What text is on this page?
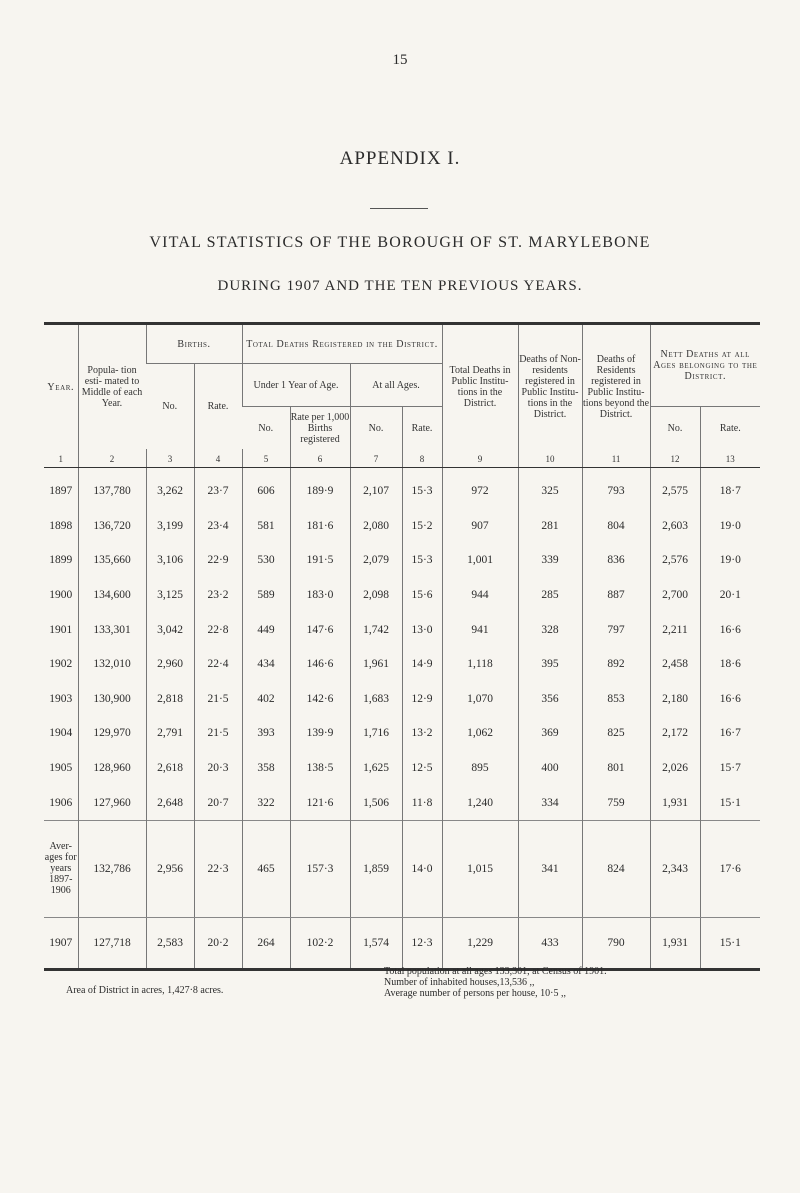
15
APPENDIX I.
VITAL STATISTICS OF THE BOROUGH OF ST. MARYLEBONE
DURING 1907 AND THE TEN PREVIOUS YEARS.
Year.	Popula- tion esti- mated to Middle of each Year.	Births.		Total Deaths Registered in the District.				Total Deaths in Public Institu- tions in the District.	Deaths of Non- residents registered in Public Institu- tions in the District.	Deaths of Residents registered in Public Institu- tions beyond the District.	Nett Deaths at all Ages belonging to the District.	
		No.	Rate.	Under 1 Year of Age.		At all Ages.						
				No.	Rate per 1,000 Births registered	No.	Rate.				No.	Rate.
1	2	3	4	5	6	7	8	9	10	11	12	13
1897	137,780	3,262	23·7	606	189·9	2,107	15·3	972	325	793	2,575	18·7
1898	136,720	3,199	23·4	581	181·6	2,080	15·2	907	281	804	2,603	19·0
1899	135,660	3,106	22·9	530	191·5	2,079	15·3	1,001	339	836	2,576	19·0
1900	134,600	3,125	23·2	589	183·0	2,098	15·6	944	285	887	2,700	20·1
1901	133,301	3,042	22·8	449	147·6	1,742	13·0	941	328	797	2,211	16·6
1902	132,010	2,960	22·4	434	146·6	1,961	14·9	1,118	395	892	2,458	18·6
1903	130,900	2,818	21·5	402	142·6	1,683	12·9	1,070	356	853	2,180	16·6
1904	129,970	2,791	21·5	393	139·9	1,716	13·2	1,062	369	825	2,172	16·7
1905	128,960	2,618	20·3	358	138·5	1,625	12·5	895	400	801	2,026	15·7
1906	127,960	2,648	20·7	322	121·6	1,506	11·8	1,240	334	759	1,931	15·1
Aver- ages for years 1897- 1906	132,786	2,956	22·3	465	157·3	1,859	14·0	1,015	341	824	2,343	17·6
1907	127,718	2,583	20·2	264	102·2	1,574	12·3	1,229	433	790	1,931	15·1
Area of District in acres, 1,427·8 acres.
Total population at all ages 133,301, at Census of 1901.
Number of inhabited houses,13,536 ,,
Average number of persons per house, 10·5 ,,
